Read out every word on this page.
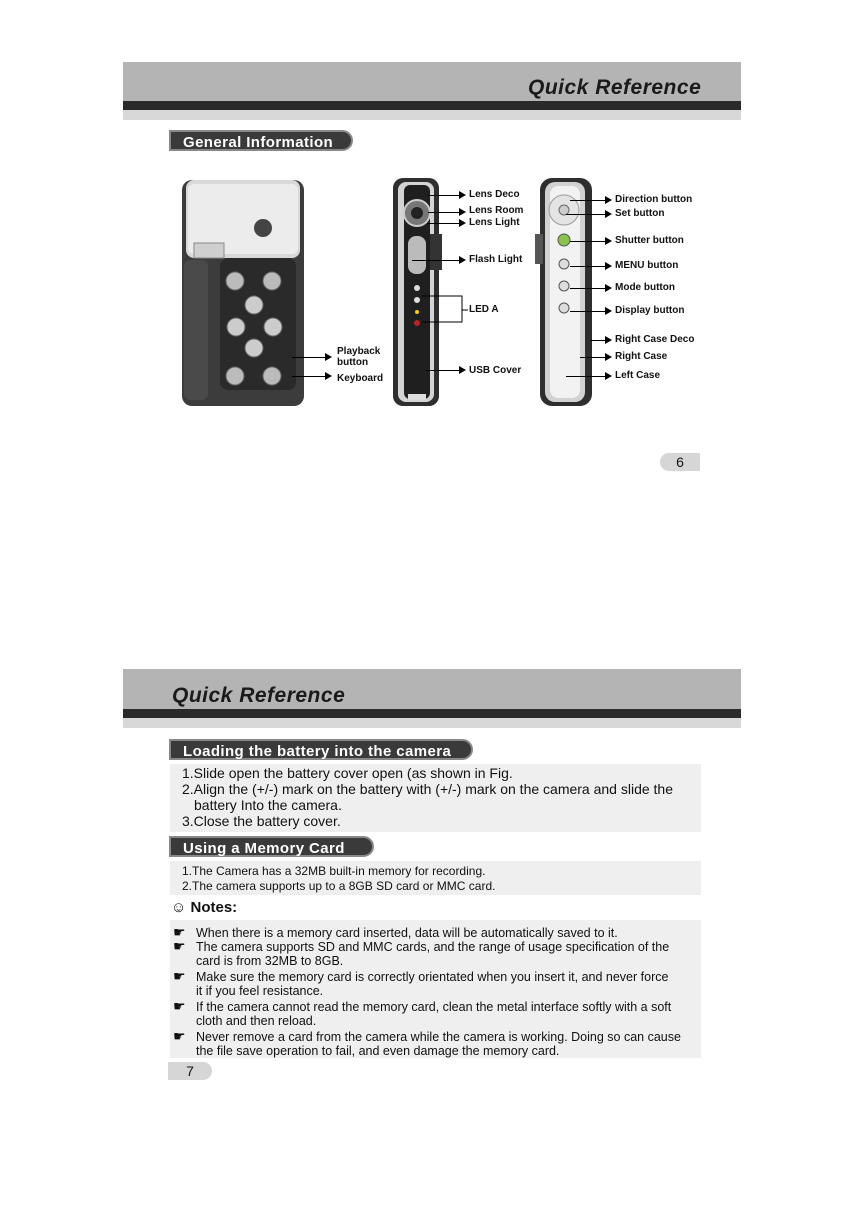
Quick Reference
General Information
Playback
button
Keyboard
Lens Deco
Lens Room
Lens Light
Flash Light
LED A
USB Cover
Direction button
Set button
Shutter button
MENU button
Mode button
Display button
Right Case Deco
Right Case
Left Case
6
Quick Reference
Loading the battery into the camera
1.Slide open the battery cover open (as shown in Fig.
2.Align the (+/-) mark on the battery with (+/-) mark on the camera and slide the
battery Into the camera.
3.Close the battery cover.
Using a Memory Card
1.The Camera has a 32MB built-in memory for recording.
2.The camera supports up to a 8GB SD card or MMC card.
☺ Notes:
☛ When there is a memory card inserted, data will be automatically saved to it.
☛ The camera supports SD and MMC cards, and the range of usage specification of the
card is from 32MB to 8GB.
☛ Make sure the memory card is correctly orientated when you insert it, and never force
it if you feel resistance.
☛ If the camera cannot read the memory card, clean the metal interface softly with a soft
cloth and then reload.
☛ Never remove a card from the camera while the camera is working. Doing so can cause
the file save operation to fail, and even damage the memory card.
7
